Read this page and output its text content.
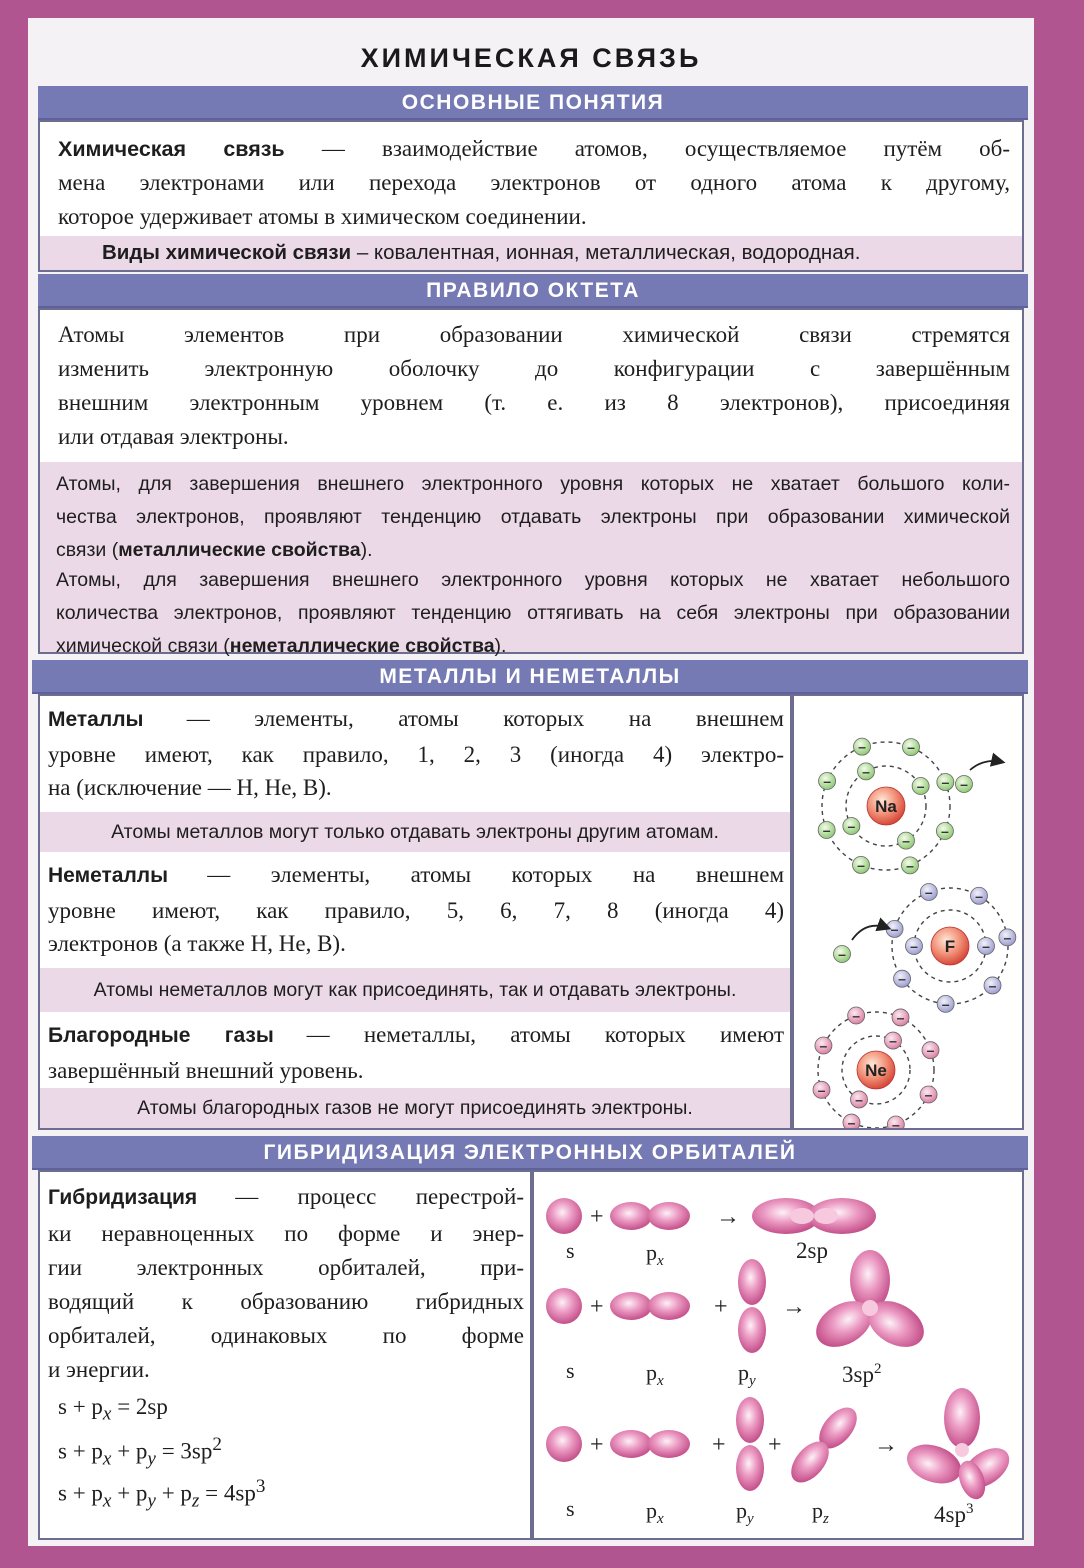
ХИМИЧЕСКАЯ СВЯЗЬ
ОСНОВНЫЕ ПОНЯТИЯ
Химическая связь — взаимодействие атомов, осуществляемое путём об-
мена электронами или перехода электронов от одного атома к другому,
которое удерживает атомы в химическом соединении.
Виды химической связи – ковалентная, ионная, металлическая, водородная.
ПРАВИЛО ОКТЕТА
Атомы элементов при образовании химической связи стремятся
изменить электронную оболочку до конфигурации с завершённым
внешним электронным уровнем (т. е. из 8 электронов), присоединяя
или отдавая электроны.
Атомы, для завершения внешнего электронного уровня которых не хватает большого коли-
чества электронов, проявляют тенденцию отдавать электроны при образовании химической
связи (металлические свойства).
Атомы, для завершения внешнего электронного уровня которых не хватает небольшого
количества электронов, проявляют тенденцию оттягивать на себя электроны при образовании
химической связи (неметаллические свойства).
МЕТАЛЛЫ И НЕМЕТАЛЛЫ
Металлы — элементы, атомы которых на внешнем
уровне имеют, как правило, 1, 2, 3 (иногда 4) электро-
на (исключение — H, He, B).
Атомы металлов могут только отдавать электроны другим атомам.
Неметаллы — элементы, атомы которых на внешнем
уровне имеют, как правило, 5, 6, 7, 8 (иногда 4)
электронов (а также H, He, B).
Атомы неметаллов могут как присоединять, так и отдавать электроны.
Благородные газы — неметаллы, атомы которых имеют
завершённый внешний уровень.
Атомы благородных газов не могут присоединять электроны.
Na
–
–
–
–
–	–
–
–
–
–
–
–	–
F –
–
–
–
–
–
–
–
–
–
Ne
–
–
–	–
–
–
–
–
–
–
ГИБРИДИЗАЦИЯ ЭЛЕКТРОННЫХ ОРБИТАЛЕЙ
Гибридизация — процесс перестрой-
ки неравноценных по форме и энер-
гии электронных орбиталей, при-
водящий к образованию гибридных
орбиталей, одинаковых по форме
и энергии.
$s + p_x = 2sp$
$s + p_x + p_y = 3sp^2$
$s + p_x + p_y + p_z = 4sp^3$
+	→
s	$p_x$	2sp
+	+ →
s	$p_x$	$p_y$	$3sp^2$
+	+ +	→
s	$p_x$	$p_y$	$p_z$	$4sp^3$
